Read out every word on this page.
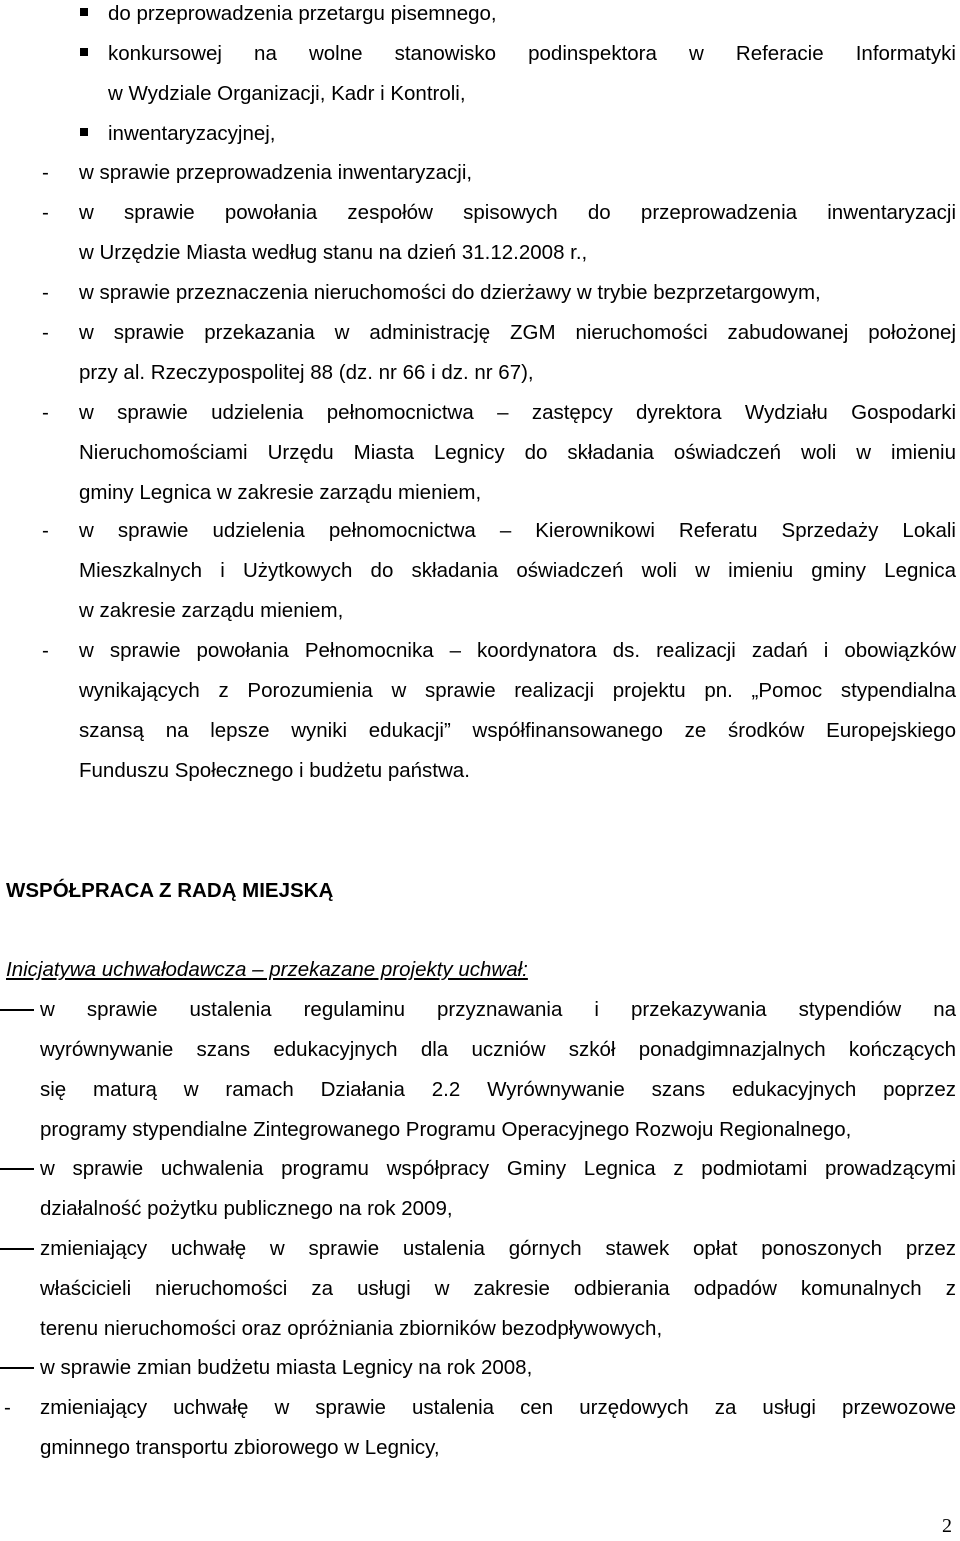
do przeprowadzenia przetargu pisemnego,
konkursowej na wolne stanowisko podinspektora w Referacie Informatyki
w Wydziale Organizacji, Kadr i Kontroli,
inwentaryzacyjnej,
- w sprawie przeprowadzenia inwentaryzacji,
- w sprawie powołania zespołów spisowych do przeprowadzenia inwentaryzacji
w Urzędzie Miasta według stanu na dzień 31.12.2008 r.,
- w sprawie przeznaczenia nieruchomości do dzierżawy w trybie bezprzetargowym,
- w sprawie przekazania w administrację ZGM nieruchomości zabudowanej położonej
przy al. Rzeczypospolitej 88 (dz. nr 66 i dz. nr 67),
- w sprawie udzielenia pełnomocnictwa – zastępcy dyrektora Wydziału Gospodarki
Nieruchomościami Urzędu Miasta Legnicy do składania oświadczeń woli w imieniu
gminy Legnica w zakresie zarządu mieniem,
- w sprawie udzielenia pełnomocnictwa – Kierownikowi Referatu Sprzedaży Lokali
Mieszkalnych i Użytkowych do składania oświadczeń woli w imieniu gminy Legnica
w zakresie zarządu mieniem,
- w sprawie powołania Pełnomocnika – koordynatora ds. realizacji zadań i obowiązków
wynikających z Porozumienia w sprawie realizacji projektu pn. „Pomoc stypendialna
szansą na lepsze wyniki edukacji” współfinansowanego ze środków Europejskiego
Funduszu Społecznego i budżetu państwa.
WSPÓŁPRACA Z RADĄ MIEJSKĄ
Inicjatywa uchwałodawcza – przekazane projekty uchwał:
w sprawie ustalenia regulaminu przyznawania i przekazywania stypendiów na
wyrównywanie szans edukacyjnych dla uczniów szkół ponadgimnazjalnych kończących
się maturą w ramach Działania 2.2 Wyrównywanie szans edukacyjnych poprzez
programy stypendialne Zintegrowanego Programu Operacyjnego Rozwoju Regionalnego,
w sprawie uchwalenia programu współpracy Gminy Legnica z podmiotami prowadzącymi
działalność pożytku publicznego na rok 2009,
zmieniający uchwałę w sprawie ustalenia górnych stawek opłat ponoszonych przez
właścicieli nieruchomości za usługi w zakresie odbierania odpadów komunalnych z
terenu nieruchomości oraz opróżniania zbiorników bezodpływowych,
w sprawie zmian budżetu miasta Legnicy na rok 2008,
- zmieniający uchwałę w sprawie ustalenia cen urzędowych za usługi przewozowe
gminnego transportu zbiorowego w Legnicy,
2
